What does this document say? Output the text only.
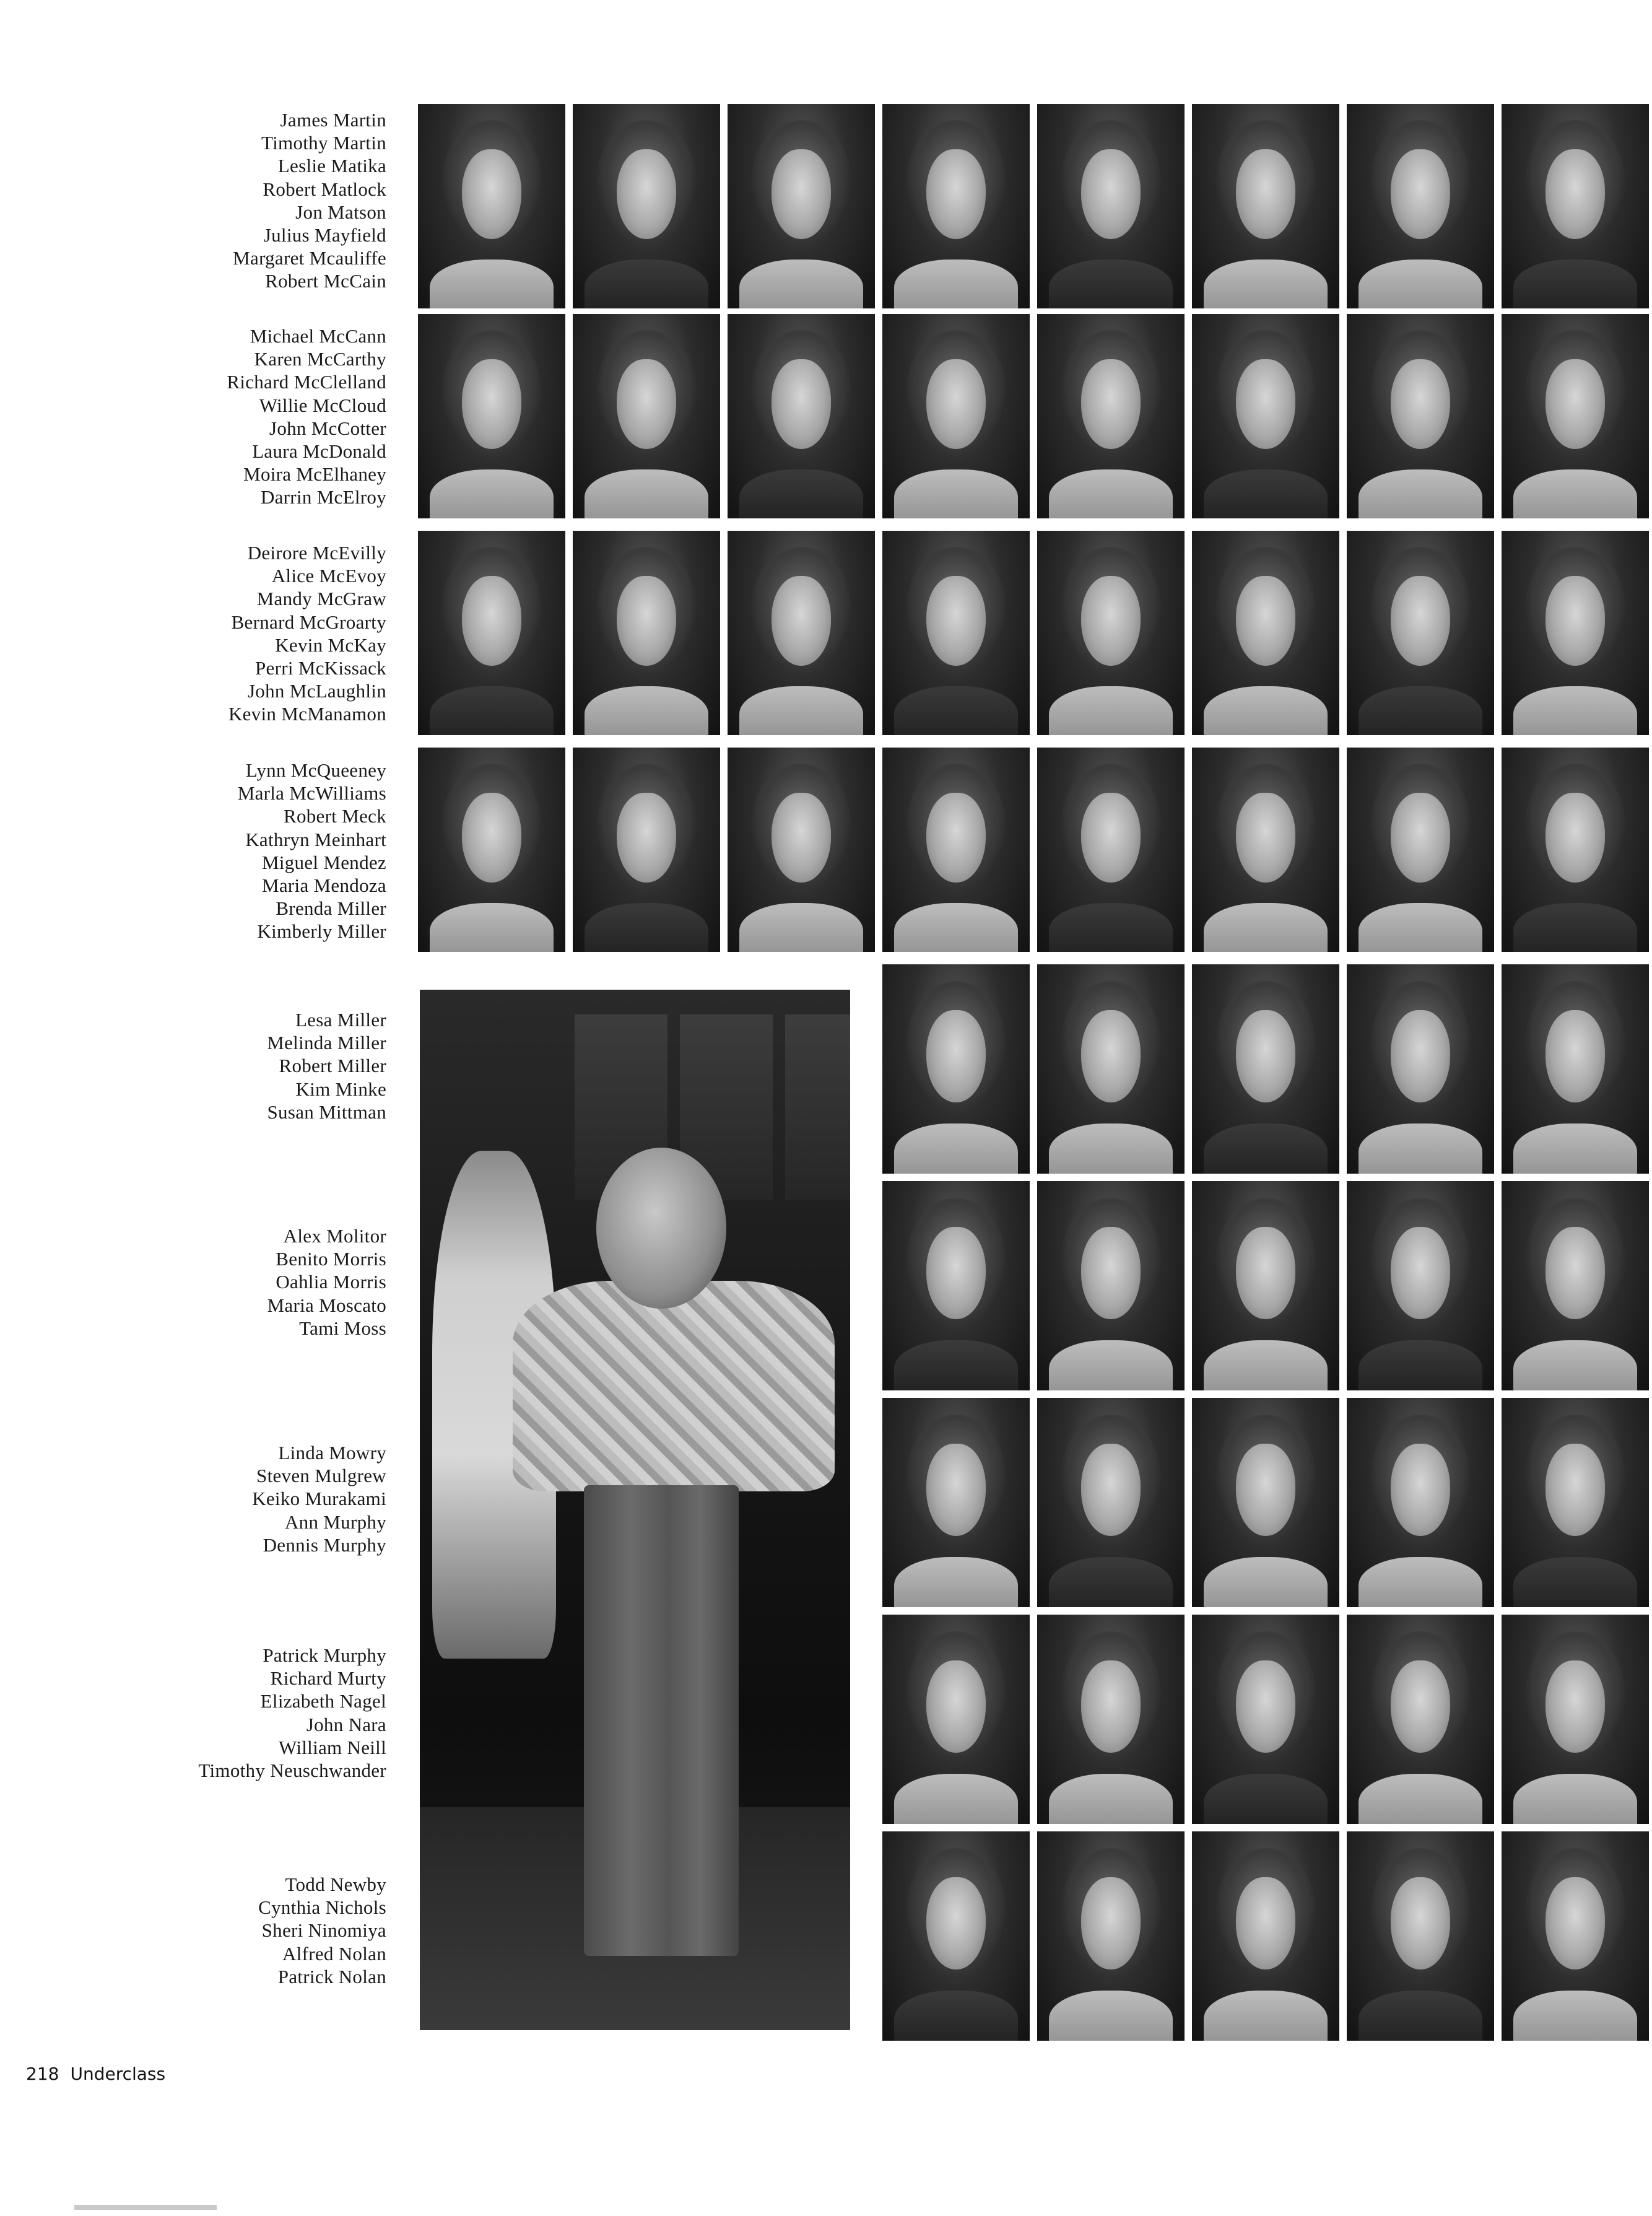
James Martin
Timothy Martin
Leslie Matika
Robert Matlock
Jon Matson
Julius Mayfield
Margaret Mcauliffe
Robert McCain
Michael McCann
Karen McCarthy
Richard McClelland
Willie McCloud
John McCotter
Laura McDonald
Moira McElhaney
Darrin McElroy
Deirore McEvilly
Alice McEvoy
Mandy McGraw
Bernard McGroarty
Kevin McKay
Perri McKissack
John McLaughlin
Kevin McManamon
Lynn McQueeney
Marla McWilliams
Robert Meck
Kathryn Meinhart
Miguel Mendez
Maria Mendoza
Brenda Miller
Kimberly Miller
Lesa Miller
Melinda Miller
Robert Miller
Kim Minke
Susan Mittman
Alex Molitor
Benito Morris
Oahlia Morris
Maria Moscato
Tami Moss
Linda Mowry
Steven Mulgrew
Keiko Murakami
Ann Murphy
Dennis Murphy
Patrick Murphy
Richard Murty
Elizabeth Nagel
John Nara
William Neill
Timothy Neuschwander
Todd Newby
Cynthia Nichols
Sheri Ninomiya
Alfred Nolan
Patrick Nolan
218 Underclass
